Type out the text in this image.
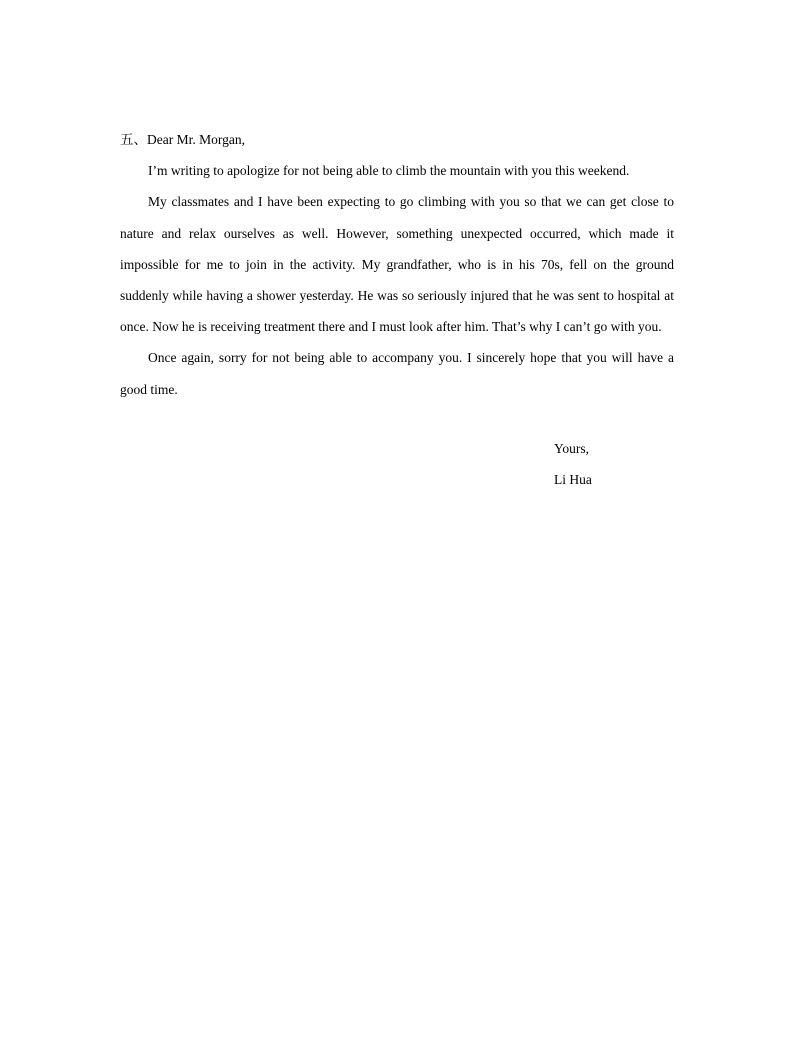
五、Dear Mr. Morgan,

I’m writing to apologize for not being able to climb the mountain with you this weekend.

My classmates and I have been expecting to go climbing with you so that we can get close to nature and relax ourselves as well. However, something unexpected occurred, which made it impossible for me to join in the activity. My grandfather, who is in his 70s, fell on the ground suddenly while having a shower yesterday. He was so seriously injured that he was sent to hospital at once. Now he is receiving treatment there and I must look after him. That’s why I can’t go with you.

Once again, sorry for not being able to accompany you. I sincerely hope that you will have a good time.

Yours,
Li Hua
